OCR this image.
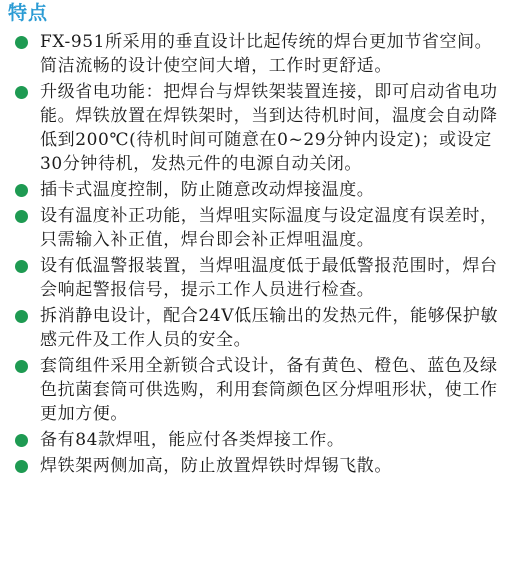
特点
FX-951所采用的垂直设计比起传统的焊台更加节省空间。简洁流畅的设计使空间大增，工作时更舒适。
升级省电功能：把焊台与焊铁架装置连接，即可启动省电功能。焊铁放置在焊铁架时，当到达待机时间，温度会自动降低到200℃(待机时间可随意在0~29分钟内设定)；或设定30分钟待机，发热元件的电源自动关闭。
插卡式温度控制，防止随意改动焊接温度。
设有温度补正功能，当焊咀实际温度与设定温度有误差时，只需输入补正值，焊台即会补正焊咀温度。
设有低温警报装置，当焊咀温度低于最低警报范围时，焊台会响起警报信号，提示工作人员进行检查。
拆消静电设计，配合24V低压输出的发热元件，能够保护敏感元件及工作人员的安全。
套筒组件采用全新锁合式设计，备有黄色、橙色、蓝色及绿色抗菌套筒可供选购，利用套筒颜色区分焊咀形状，使工作更加方便。
备有84款焊咀，能应付各类焊接工作。
焊铁架两侧加高，防止放置焊铁时焊锡飞散。
